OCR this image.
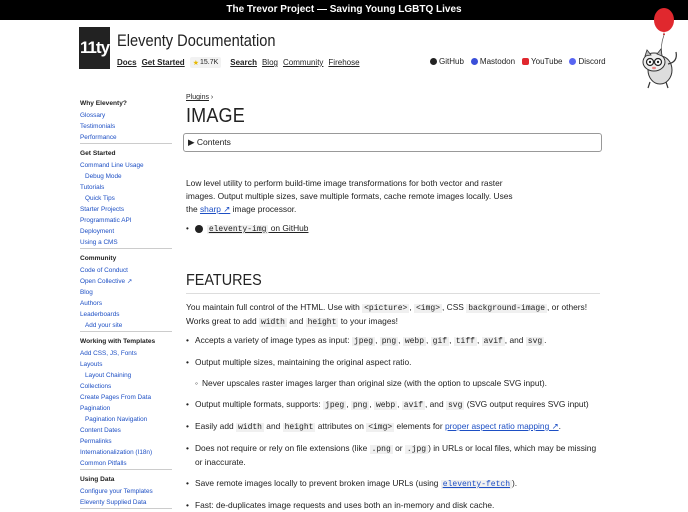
The Trevor Project — Saving Young LGBTQ Lives
11ty Eleventy Documentation
Docs Get Started ★ 15.7K Search Blog Community Firehose	GitHub Mastodon YouTube Discord
Why Eleventy?
Glossary
Testimonials
Performance
Get Started
Command Line Usage
Debug Mode
Tutorials
Quick Tips
Starter Projects
Programmatic API
Deployment
Using a CMS
Community
Code of Conduct
Open Collective ↗
Blog
Authors
Leaderboards
Add your site
Working with Templates
Add CSS, JS, Fonts
Layouts
Layout Chaining
Collections
Create Pages From Data
Pagination
Pagination Navigation
Content Dates
Permalinks
Internationalization (I18n)
Common Pitfalls
Using Data
Configure your Templates
Eleventy Supplied Data
Plugins ›
IMAGE
▶ Contents

Low level utility to perform build-time image transformations for both vector and raster images. Output multiple sizes, save multiple formats, cache remote images locally. Uses the sharp ↗ image processor.

•	eleventy-img on GitHub
FEATURES

You maintain full control of the HTML. Use with <picture> , <img> , CSS background-image , or others! Works great to add width and height to your images!

• Accepts a variety of image types as input: jpeg , png , webp , gif , tiff , avif , and svg .
• Output multiple sizes, maintaining the original aspect ratio.
◦ Never upscales raster images larger than original size (with the option to upscale SVG input).
• Output multiple formats, supports: jpeg , png , webp , avif , and svg (SVG output requires SVG input)
• Easily add width and height attributes on <img> elements for proper aspect ratio mapping ↗.
• Does not require or rely on file extensions (like .png or .jpg ) in URLs or local files, which may be missing or inaccurate.
• Save remote images locally to prevent broken image URLs (using eleventy-fetch ).
• Fast: de-duplicates image requests and uses both an in-memory and disk cache.
